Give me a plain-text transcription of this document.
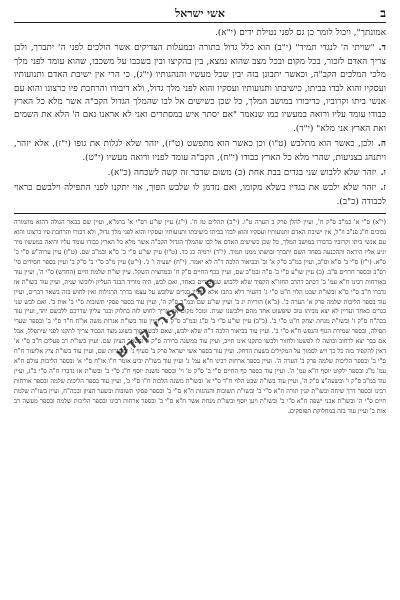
ב
אשי ישראל

אמונתך", ויכול לומר כן גם לפני נטילת ידים (י"א).

ד."שויתי ה' לנגדי תמיד" (י"ב) הוא כלל גדול בתורה ובמעלות הצדיקים אשר הולכים לפני ה' יתברך, ולכן צריך האדם לזכור, בכל מקום ובכל מצב שהוא נמצא, בין בהקיצו ובין בשכבו על משכבו, שהוא עומד לפני מלך מלכי המלכים הקב"ה, וכאשר יתבונן בזה יבין שכל מעשיו והנהגותיו (י"ג), כי הרי אין ישיבת האדם ותנועותיו ועסקיו והוא לבדו בביתו, כישיבתו ותנועותיו ועסקיו והוא לפני מלך גדול, ולא דיבורו והרחבת פיו כרצונו והוא עם אנשי ביתו וקרוביו, כדיבורו במושב המלך, כל שכן כשישים אל לבו שהמלך הגדול הקב"ה אשר מלא כל הארץ כבודו עומד עליו ורואה במעשיו כמו שנאמר "אם יסתר איש במסתרים ואני לא אראנו נאם ה' הלא את השמים ואת הארץ אני מלא" (י"ד).

ה.ולכן, כאשר הוא מתלבש (ט"ו) וכן כאשר הוא מתפשט (ט"ז), יזהר שלא לגלות את גופו (י"ז), אלא יזהר, ויתנהג בצניעות, שהרי מלא כל הארץ כבודו (י"ח), הקב"ה עומד לפניו ורואה מעשיו (י"ט).

ו.יזהר שלא ללבוש שני בגדים בבת אחת (כ) משום שדבר זה קשה לשכחה (כ"א).

ז.יזהר שלא ילבש את בגדיו בשלא מקומו, ואם נזדמן לו שלבש הפוך, אזי יתקנו לפני התפילה וילבשם כראוי לכבודה (כ"ב).

(י"א) ס"י א' במ"ב ס"ק ח', ועיין להלן פרק ב הערה ט"ו. (י"ב) תהלים טז ח'. (י"ג) עיין שו"ע רס"י א' ברמ"א, ועיין שם בבאר הגולה דהוא מהמורה נבוכים ח"ג פנ"ב וז"ל, אין ישיבת האדם ותנועותיו ועסקיו והוא לבדו בביתו כישיבתו ותנועותיו ועסקיו והוא לפני מלך גדול, ולא דבורו והרחבת פיו כרצונו והוא עם אנשי ביתו וקרוביו כדבורו במושב המלך, כל שכן כשישים האדם אל לבו שהמלך הגדול הקב"ה אשר מלא כל הארץ כבודו עומד עליו ורואה במעשיו מיד יגיע אליו היראה וההכנעה בפחד השם יתברך ובושתו ממנו תמיד. (י"ד) ירמיה כג כד. (ט"ו) עיין שו"ע ס"י ב' ס"א ובמ"ב שם. (ט"ז) עיין ערוה"ש ס"י ב' ס"א. (י"ז) ס"י ב' ס"א וס"ב, ועיין במ"ב ס"ק א' וב' ובביאור הלכה ד"ה לא יאמר. (י"ח) ישעיה ו' ג'. (י"ט) עיין מ"ב ס"י ב' ס"ק ב' ועיין בספר חסידים סי' רס"ב ובספר חרדים פ"ב. (כ) עיין שו"ע ס"י ב' ס"ה ובמ"ב שם, ועיין בכף החיים ס"ק ח' ובמחצית השקל. עיין שו"ת שלמת חיים (החדש) ס"י ה', ועיין עוד באורחות רבינו ח"א עמ' ב' דכתב דהרב החזו"א הקפיד שלא ללבוש שני בגדים כאחד, ואם לבש, היה מוריד הבגד העליון ולובשו שנית, ועיין עוד בשו"ת אז נדברו ח"ב ס"י ס"א ובשו"ת שבט הלוי ח"ט ס"י ג' דהעיר דלא כתבו אלא לעניין בגדים שלובש על עצמו בדרך הרגילות ואין לחוש בזה בשאר דברים, ועיין עוד בספר הליכות שלמה פרק א' הערה ב'. (כ"א) הוריות יג ב' ועיין שו"ע שם ובמ"ב ס"ק ה', ועיין עוד בספר פסקי תשובות ס"י ב' אות ב'. ואם לבש שני בגדים כאחד ועדיין לא יצא מביתו טוב שיפשוט אחד מהם וילבשנו שנית. ומכל מקום אין צריך לחוש לזה בחלוק ובגד עליון שדרכם ללבשם יחד, ועיין עוד בכה"ח ס"ק ז' ובשו"ת מנחת יצחק ח"ט ס"י ב'. (כ"ב) עיין שו"ע ס"י ב' ס"ג ובמ"ב ס"ק ד', ועיין עוד בשו"ת אגרות משה או"ח ח"ד ס"י ב' ובספר שערי תפילה, ובספר שמירת הגוף והנפש ח"א ס"י ב'. ועיין עוד בביאור הלכה ד"ה שלא ילבש, שאם לבש הפוך בשוגג מצד הכבוד צריך לתקנו לפני שיתפלל, אבל אם כבר יצא לרחוב ובושה לו לפשטו ולחזור ולבשו כתקנו אינו חייב, ועיין עוד במשנה ברורה ס"ק ו' ובשער הציון שם. ועיין בשו"ת רב פעלים ח"ב ס"י א' דאין להקפיד בזה כל כך ויש לסמוך על המקילים בשעת הדחק. ועיין עוד בספר אשי ישראל פרק ב' סעיף ג' ובהערות שם, ועיין עוד בשו"ת ציץ אליעזר ח"ח ס"י ב' ובספר הליכות שלמה פרק ב' הערה ה'. ועיין בספר ארחות רבינו ח"א עמ' ג' ועיין עוד בשו"ת יביע אומר ח"ו או"ח ס"י א' ובספר הליכות עולם ח"א עמ' מ"ג ובספר ילקוט יוסף ח"א עמ' ה'. ועיין עוד בספר כף החיים ס"י ב' ס"ק ט' וי' ובספר משנת יוסף ח"ג ס"י ב' ובשו"ת אז נדברו ח"ה ס"י כ"ג, ועיין עוד במ"ב ס"ק ו' ובשעה"צ ס"ק ה', ועיין עוד בשו"ת שבט הלוי ח"ד ס"י א' ובשו"ת משנה הלכות ח"ו ס"י ב', ועיין עוד בספר הליכות שלמה ובספר אורחות רבינו ובספר דרך שיחה ובשו"ת קנין תורה ח"א ס"י ב' ובשו"ת תשובות והנהגות ח"א ס"י ב' ובספר פסקי תשובות ובשער הציון ובכה"ח, ועיין בשו"ת שלמת חיים ס"י ה' ובשו"ת אבני ישפה ח"א ס"י ב' ובשו"ת ויען יוסף ובשו"ת מנחת אשר ח"א ס"י ב' ובספר ארחות רבינו ובספר הליכות שלמה ובספר מעשה רב אות ב' ועיין עוד בזה במחלוקת הפוסקים.

ספר ספרי קודש
